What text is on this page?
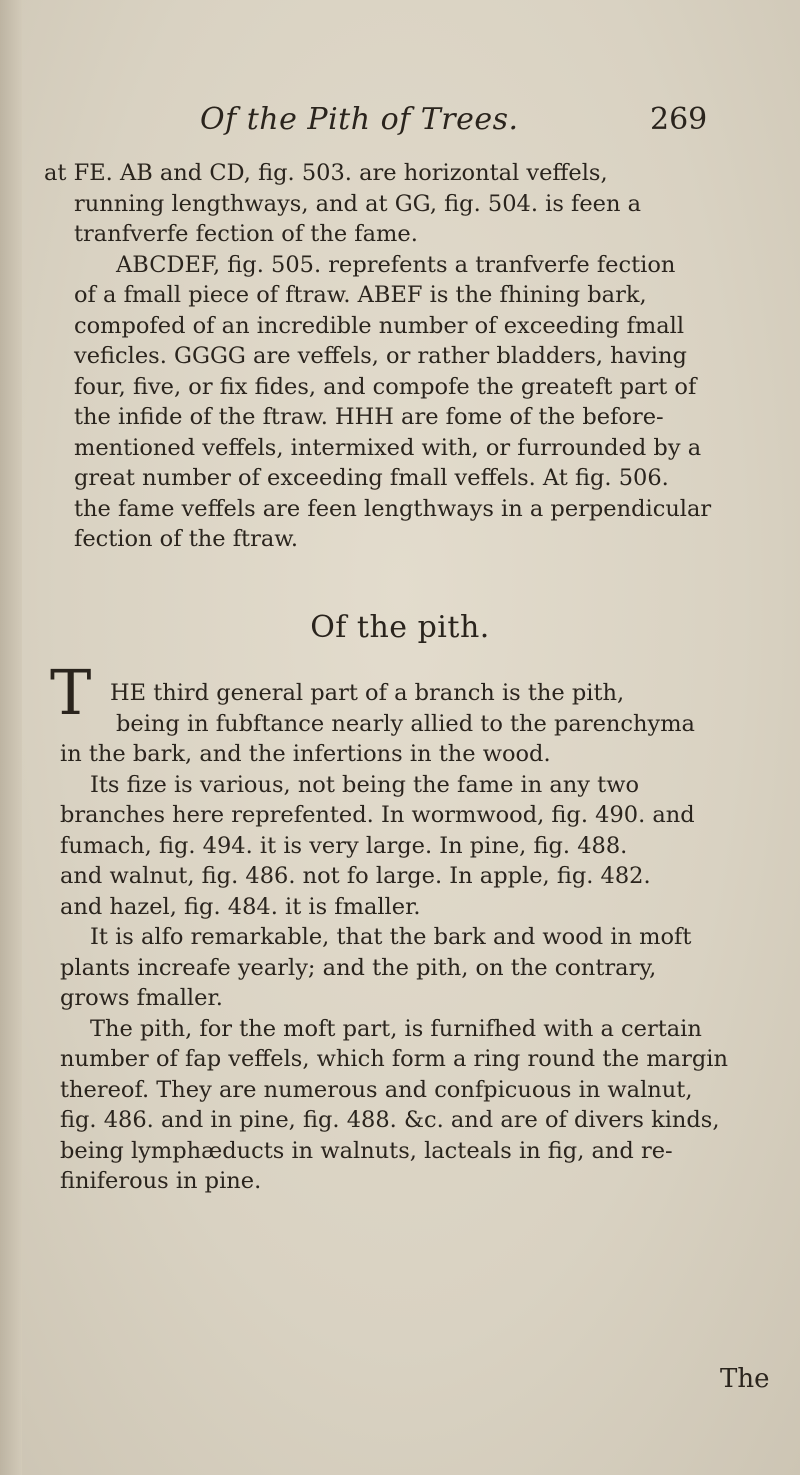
Of the Pith of Trees.	269
at FE. AB and CD, fig. 503. are horizontal veffels,
running lengthways, and at GG, fig. 504. is feen a
tranfverfe fection of the fame.
ABCDEF, fig. 505. reprefents a tranfverfe fection
of a fmall piece of ftraw. ABEF is the fhining bark,
compofed of an incredible number of exceeding fmall
veficles. GGGG are veffels, or rather bladders, having
four, five, or fix fides, and compofe the greateft part of
the infide of the ftraw. HHH are fome of the before-
mentioned veffels, intermixed with, or furrounded by a
great number of exceeding fmall veffels. At fig. 506.
the fame veffels are feen lengthways in a perpendicular
fection of the ftraw.
Of the pith.
T HE third general part of a branch is the pith,
being in fubftance nearly allied to the parenchyma
in the bark, and the infertions in the wood.
Its fize is various, not being the fame in any two
branches here reprefented. In wormwood, fig. 490. and
fumach, fig. 494. it is very large. In pine, fig. 488.
and walnut, fig. 486. not fo large. In apple, fig. 482.
and hazel, fig. 484. it is fmaller.
It is alfo remarkable, that the bark and wood in moft
plants increafe yearly; and the pith, on the contrary,
grows fmaller.
The pith, for the moft part, is furnifhed with a certain
number of fap veffels, which form a ring round the margin
thereof. They are numerous and confpicuous in walnut,
fig. 486. and in pine, fig. 488. &c. and are of divers kinds,
being lymphæducts in walnuts, lacteals in fig, and re-
finiferous in pine.
The
